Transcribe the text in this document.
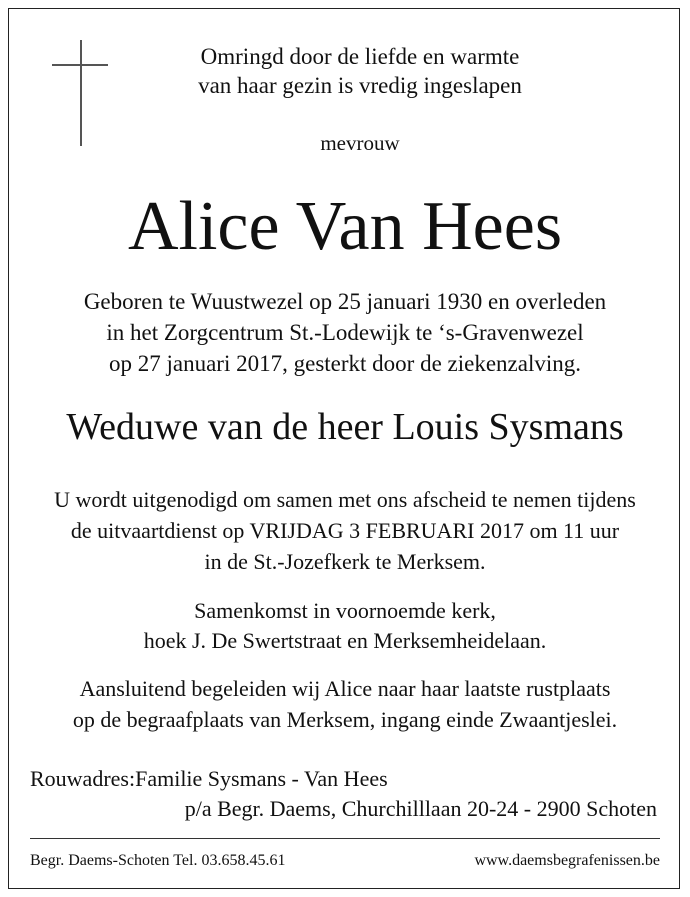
Omringd door de liefde en warmte
van haar gezin is vredig ingeslapen
mevrouw
Alice Van Hees
Geboren te Wuustwezel op 25 januari 1930 en overleden
in het Zorgcentrum St.-Lodewijk te ‘s-Gravenwezel
op 27 januari 2017, gesterkt door de ziekenzalving.
Weduwe van de heer Louis Sysmans
U wordt uitgenodigd om samen met ons afscheid te nemen tijdens
de uitvaartdienst op VRIJDAG 3 FEBRUARI 2017 om 11 uur
in de St.-Jozefkerk te Merksem.
Samenkomst in voornoemde kerk,
hoek J. De Swertstraat en Merksemheidelaan.
Aansluitend begeleiden wij Alice naar haar laatste rustplaats
op de begraafplaats van Merksem, ingang einde Zwaantjeslei.
Rouwadres:Familie Sysmans - Van Hees
p/a Begr. Daems, Churchilllaan 20-24 - 2900 Schoten
Begr. Daems-Schoten Tel. 03.658.45.61	www.daemsbegrafenissen.be
